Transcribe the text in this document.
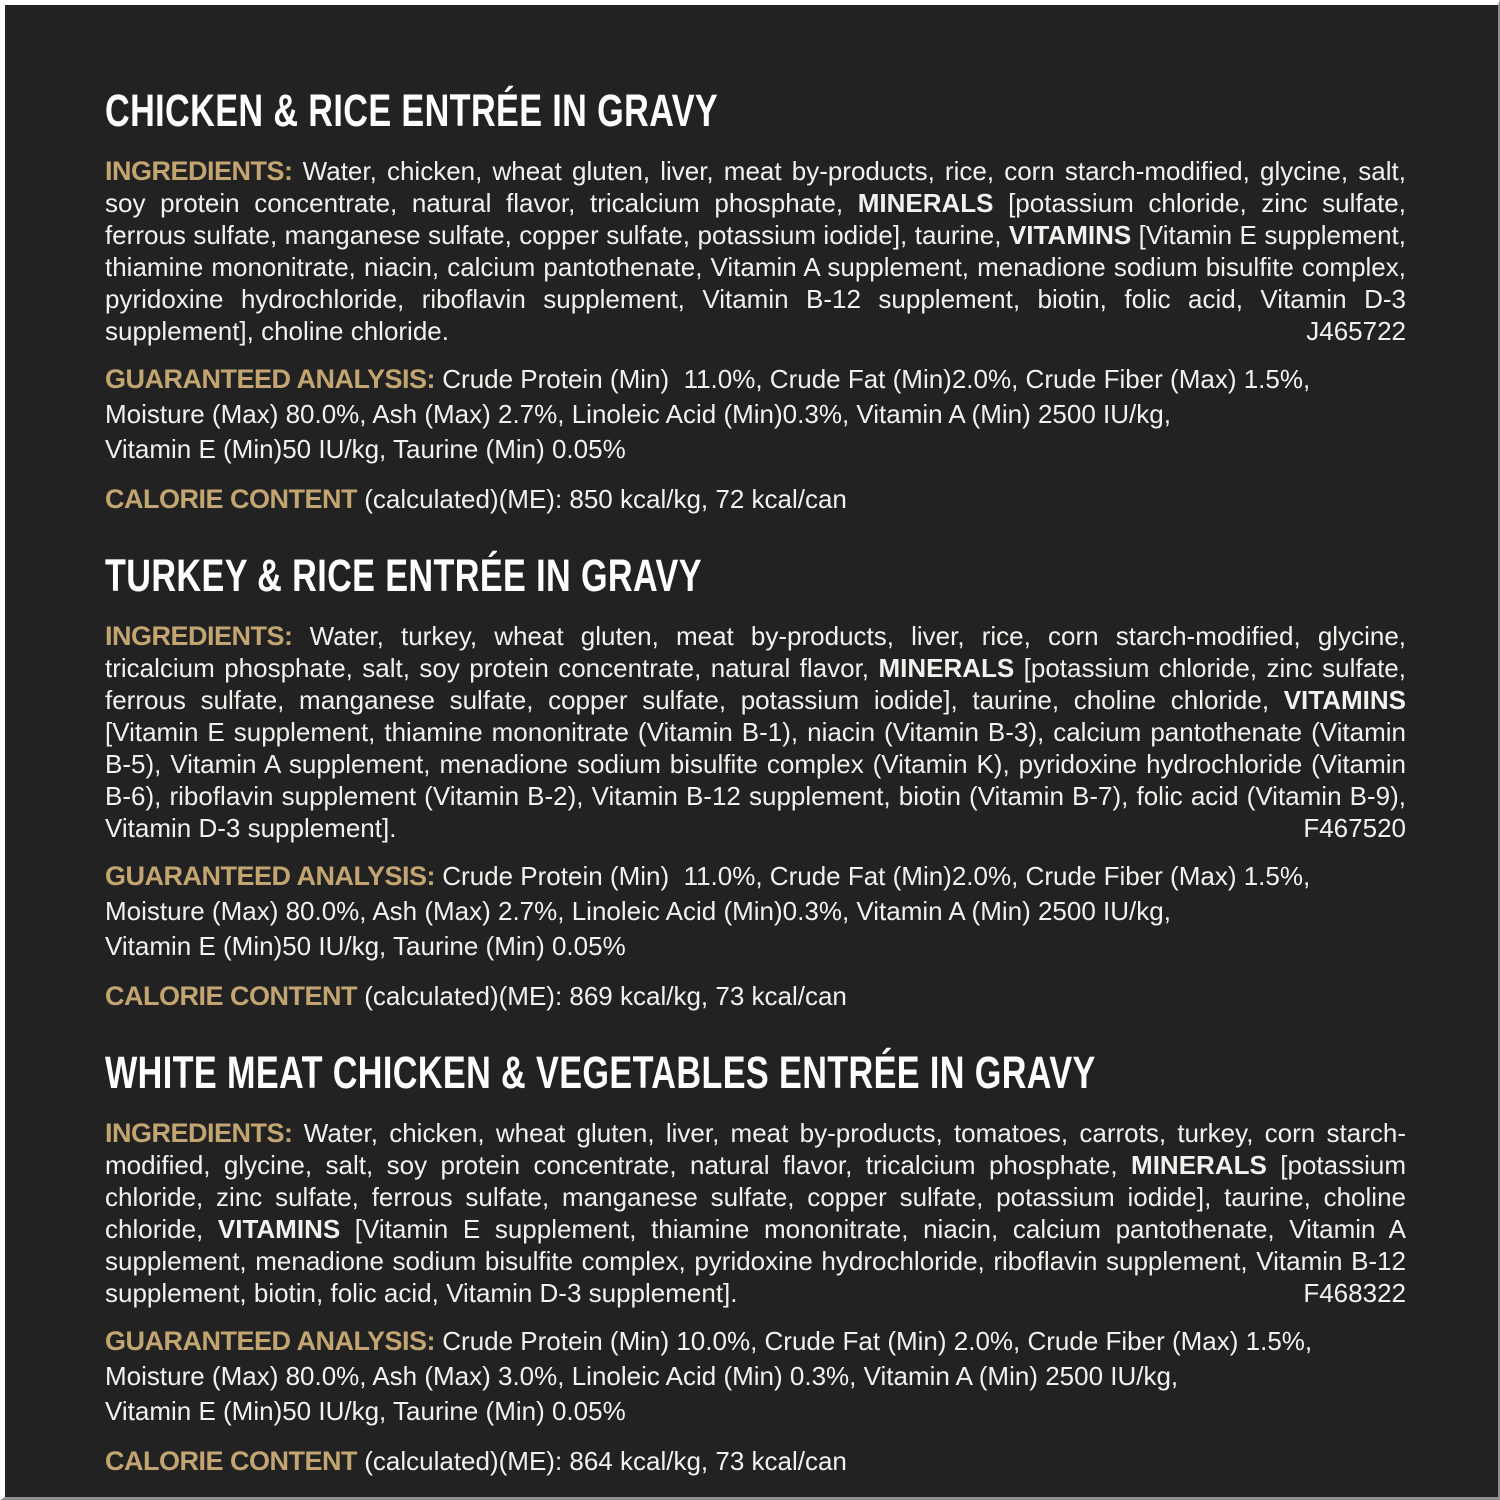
CHICKEN & RICE ENTRÉE IN GRAVY

INGREDIENTS: Water, chicken, wheat gluten, liver, meat by-products, rice, corn starch-modified, glycine, salt, soy protein concentrate, natural flavor, tricalcium phosphate, MINERALS [potassium chloride, zinc sulfate, ferrous sulfate, manganese sulfate, copper sulfate, potassium iodide], taurine, VITAMINS [Vitamin E supplement, thiamine mononitrate, niacin, calcium pantothenate, Vitamin A supplement, menadione sodium bisulfite complex, pyridoxine hydrochloride, riboflavin supplement, Vitamin B-12 supplement, biotin, folic acid, Vitamin D-3 supplement], choline chloride.	J465722

GUARANTEED ANALYSIS: Crude Protein (Min)  11.0%, Crude Fat (Min)2.0%, Crude Fiber (Max) 1.5%,
Moisture (Max) 80.0%, Ash (Max) 2.7%, Linoleic Acid (Min)0.3%, Vitamin A (Min) 2500 IU/kg,
Vitamin E (Min)50 IU/kg, Taurine (Min) 0.05%

CALORIE CONTENT (calculated)(ME): 850 kcal/kg, 72 kcal/can

TURKEY & RICE ENTRÉE IN GRAVY

INGREDIENTS: Water, turkey, wheat gluten, meat by-products, liver, rice, corn starch-modified, glycine, tricalcium phosphate, salt, soy protein concentrate, natural flavor, MINERALS [potassium chloride, zinc sulfate, ferrous sulfate, manganese sulfate, copper sulfate, potassium iodide], taurine, choline chloride, VITAMINS [Vitamin E supplement, thiamine mononitrate (Vitamin B-1), niacin (Vitamin B-3), calcium pantothenate (Vitamin B-5), Vitamin A supplement, menadione sodium bisulfite complex (Vitamin K), pyridoxine hydrochloride (Vitamin B-6), riboflavin supplement (Vitamin B-2), Vitamin B-12 supplement, biotin (Vitamin B-7), folic acid (Vitamin B-9), Vitamin D-3 supplement].	F467520

GUARANTEED ANALYSIS: Crude Protein (Min)  11.0%, Crude Fat (Min)2.0%, Crude Fiber (Max) 1.5%,
Moisture (Max) 80.0%, Ash (Max) 2.7%, Linoleic Acid (Min)0.3%, Vitamin A (Min) 2500 IU/kg,
Vitamin E (Min)50 IU/kg, Taurine (Min) 0.05%

CALORIE CONTENT (calculated)(ME): 869 kcal/kg, 73 kcal/can

WHITE MEAT CHICKEN & VEGETABLES ENTRÉE IN GRAVY

INGREDIENTS: Water, chicken, wheat gluten, liver, meat by-products, tomatoes, carrots, turkey, corn starch-modified, glycine, salt, soy protein concentrate, natural flavor, tricalcium phosphate, MINERALS [potassium chloride, zinc sulfate, ferrous sulfate, manganese sulfate, copper sulfate, potassium iodide], taurine, choline chloride, VITAMINS [Vitamin E supplement, thiamine mononitrate, niacin, calcium pantothenate, Vitamin A supplement, menadione sodium bisulfite complex, pyridoxine hydrochloride, riboflavin supplement, Vitamin B-12 supplement, biotin, folic acid, Vitamin D-3 supplement].	F468322

GUARANTEED ANALYSIS: Crude Protein (Min) 10.0%, Crude Fat (Min) 2.0%, Crude Fiber (Max) 1.5%,
Moisture (Max) 80.0%, Ash (Max) 3.0%, Linoleic Acid (Min) 0.3%, Vitamin A (Min) 2500 IU/kg,
Vitamin E (Min)50 IU/kg, Taurine (Min) 0.05%

CALORIE CONTENT (calculated)(ME): 864 kcal/kg, 73 kcal/can
